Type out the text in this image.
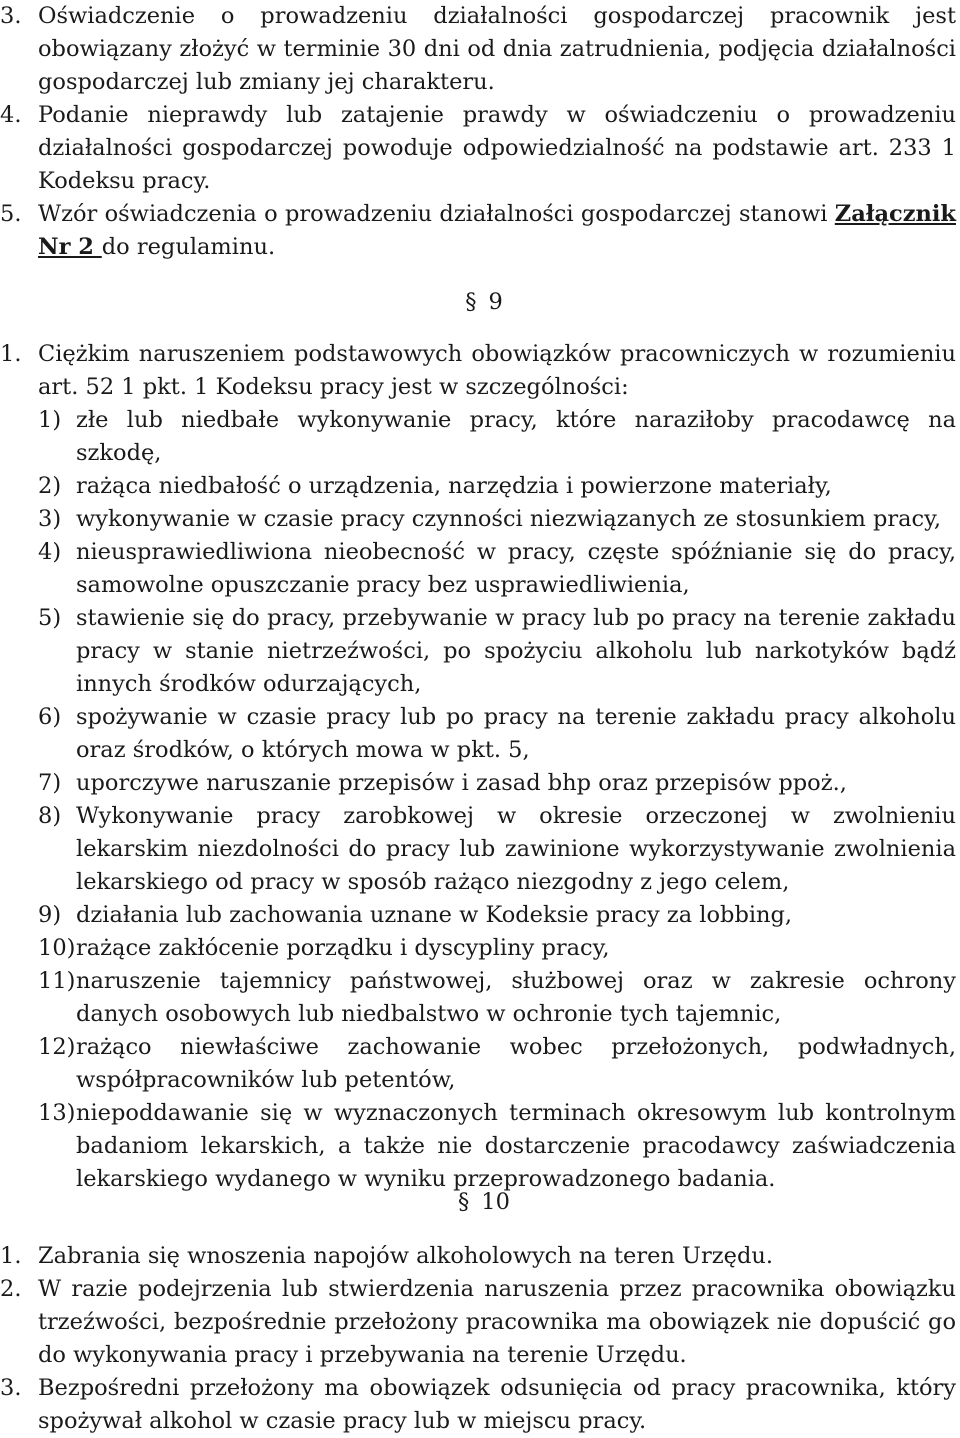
3. Oświadczenie o prowadzeniu działalności gospodarczej pracownik jest obowiązany złożyć w terminie 30 dni od dnia zatrudnienia, podjęcia działalności gospodarczej lub zmiany jej charakteru.
4. Podanie nieprawdy lub zatajenie prawdy w oświadczeniu o prowadzeniu działalności gospodarczej powoduje odpowiedzialność na podstawie art. 233 1 Kodeksu pracy.
5. Wzór oświadczenia o prowadzeniu działalności gospodarczej stanowi Załącznik Nr 2 do regulaminu.
§ 9
1. Ciężkim naruszeniem podstawowych obowiązków pracowniczych w rozumieniu art. 52 1 pkt. 1 Kodeksu pracy jest w szczególności:
1) złe lub niedbałe wykonywanie pracy, które naraziłoby pracodawcę na szkodę,
2) rażąca niedbałość o urządzenia, narzędzia i powierzone materiały,
3) wykonywanie w czasie pracy czynności niezwiązanych ze stosunkiem pracy,
4) nieusprawiedliwiona nieobecność w pracy, częste spóźnianie się do pracy, samowolne opuszczanie pracy bez usprawiedliwienia,
5) stawienie się do pracy, przebywanie w pracy lub po pracy na terenie zakładu pracy w stanie nietrzeźwości, po spożyciu alkoholu lub narkotyków bądź innych środków odurzających,
6) spożywanie w czasie pracy lub po pracy na terenie zakładu pracy alkoholu oraz środków, o których mowa w pkt. 5,
7) uporczywe naruszanie przepisów i zasad bhp oraz przepisów ppoż.,
8) Wykonywanie pracy zarobkowej w okresie orzeczonej w zwolnieniu lekarskim niezdolności do pracy lub zawinione wykorzystywanie zwolnienia lekarskiego od pracy w sposób rażąco niezgodny z jego celem,
9) działania lub zachowania uznane w Kodeksie pracy za lobbing,
10) rażące zakłócenie porządku i dyscypliny pracy,
11) naruszenie tajemnicy państwowej, służbowej oraz w zakresie ochrony danych osobowych lub niedbalstwo w ochronie tych tajemnic,
12) rażąco niewłaściwe zachowanie wobec przełożonych, podwładnych, współpracowników lub petentów,
13) niepoddawanie się w wyznaczonych terminach okresowym lub kontrolnym badaniom lekarskich, a także nie dostarczenie pracodawcy zaświadczenia lekarskiego wydanego w wyniku przeprowadzonego badania.
§ 10
1. Zabrania się wnoszenia napojów alkoholowych na teren Urzędu.
2. W razie podejrzenia lub stwierdzenia naruszenia przez pracownika obowiązku trzeźwości, bezpośrednie przełożony pracownika ma obowiązek nie dopuścić go do wykonywania pracy i przebywania na terenie Urzędu.
3. Bezpośredni przełożony ma obowiązek odsunięcia od pracy pracownika, który spożywał alkohol w czasie pracy lub w miejscu pracy.
